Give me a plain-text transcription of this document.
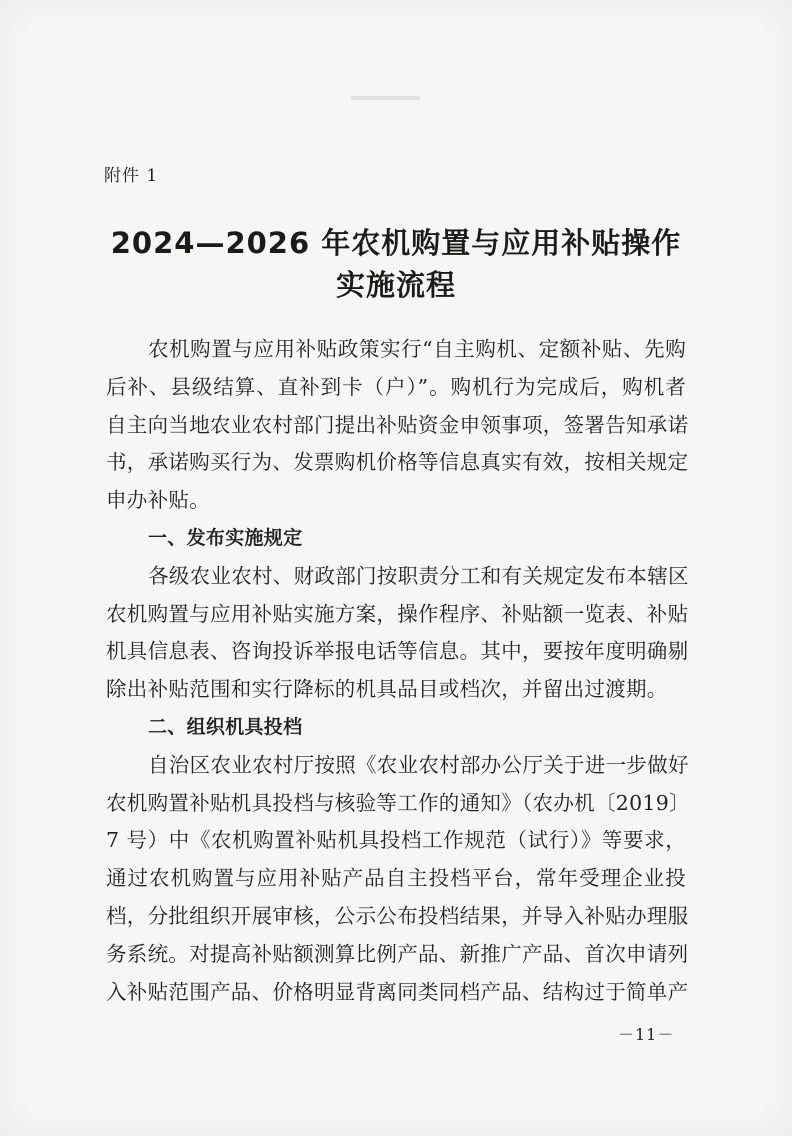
附件 1
2024—2026 年农机购置与应用补贴操作
实施流程
农机购置与应用补贴政策实行“自主购机、定额补贴、先购
后补、县级结算、直补到卡（户）”。购机行为完成后，购机者
自主向当地农业农村部门提出补贴资金申领事项，签署告知承诺
书，承诺购买行为、发票购机价格等信息真实有效，按相关规定
申办补贴。
一、发布实施规定
各级农业农村、财政部门按职责分工和有关规定发布本辖区
农机购置与应用补贴实施方案，操作程序、补贴额一览表、补贴
机具信息表、咨询投诉举报电话等信息。其中，要按年度明确剔
除出补贴范围和实行降标的机具品目或档次，并留出过渡期。
二、组织机具投档
自治区农业农村厅按照《农业农村部办公厅关于进一步做好
农机购置补贴机具投档与核验等工作的通知》（农办机〔2019〕
7 号）中《农机购置补贴机具投档工作规范（试行）》等要求，
通过农机购置与应用补贴产品自主投档平台，常年受理企业投
档，分批组织开展审核，公示公布投档结果，并导入补贴办理服
务系统。对提高补贴额测算比例产品、新推广产品、首次申请列
入补贴范围产品、价格明显背离同类同档产品、结构过于简单产
－11－
